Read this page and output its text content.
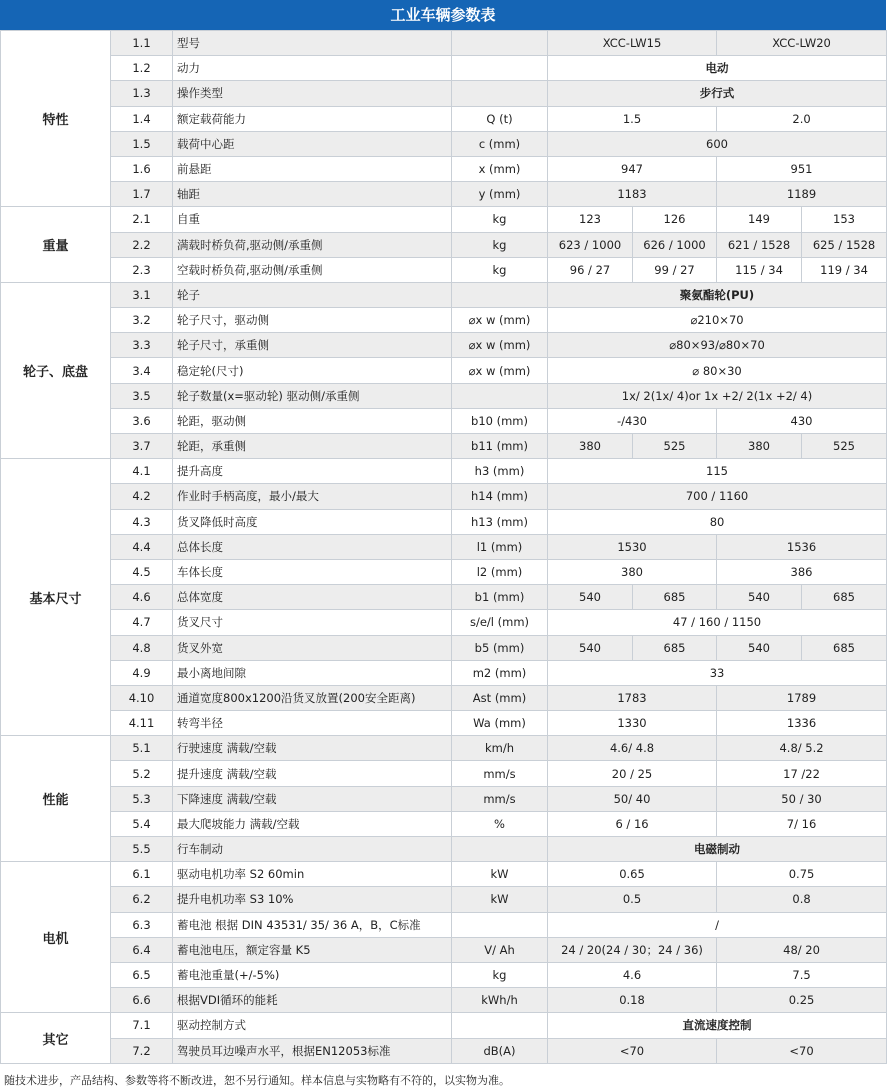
工业车辆参数表
特性	1.1	型号		XCC-LW15		XCC-LW20	
	1.2	动力		电动			
	1.3	操作类型		步行式			
	1.4	额定载荷能力	Q (t)	1.5		2.0	
	1.5	载荷中心距	c (mm)	600			
	1.6	前悬距	x (mm)	947		951	
	1.7	轴距	y (mm)	1183		1189	
重量	2.1	自重	kg	123	126	149	153
	2.2	满载时桥负荷,驱动侧/承重侧	kg	623 / 1000	626 / 1000	621 / 1528	625 / 1528
	2.3	空载时桥负荷,驱动侧/承重侧	kg	96 / 27	99 / 27	115 / 34	119 / 34
轮子、底盘	3.1	轮子		聚氨酯轮(PU)			
	3.2	轮子尺寸，驱动侧	⌀x w (mm)	⌀210×70			
	3.3	轮子尺寸，承重侧	⌀x w (mm)	⌀80×93/⌀80×70			
	3.4	稳定轮(尺寸)	⌀x w (mm)	⌀ 80×30			
	3.5	轮子数量(x=驱动轮) 驱动侧/承重侧		1x/ 2(1x/ 4)or 1x +2/ 2(1x +2/ 4)			
	3.6	轮距，驱动侧	b10 (mm)	-/430		430	
	3.7	轮距，承重侧	b11 (mm)	380	525	380	525
基本尺寸	4.1	提升高度	h3 (mm)	115			
	4.2	作业时手柄高度，最小/最大	h14 (mm)	700 / 1160			
	4.3	货叉降低时高度	h13 (mm)	80			
	4.4	总体长度	l1 (mm)	1530		1536	
	4.5	车体长度	l2 (mm)	380		386	
	4.6	总体宽度	b1 (mm)	540	685	540	685
	4.7	货叉尺寸	s/e/l (mm)	47 / 160 / 1150			
	4.8	货叉外宽	b5 (mm)	540	685	540	685
	4.9	最小离地间隙	m2 (mm)	33			
	4.10	通道宽度800x1200沿货叉放置(200安全距离)	Ast (mm)	1783		1789	
	4.11	转弯半径	Wa (mm)	1330		1336	
性能	5.1	行驶速度 满载/空载	km/h	4.6/ 4.8		4.8/ 5.2	
	5.2	提升速度 满载/空载	mm/s	20 / 25		17 /22	
	5.3	下降速度 满载/空载	mm/s	50/ 40		50 / 30	
	5.4	最大爬坡能力 满载/空载	%	6 / 16		7/ 16	
	5.5	行车制动		电磁制动			
电机	6.1	驱动电机功率 S2 60min	kW	0.65		0.75	
	6.2	提升电机功率 S3 10%	kW	0.5		0.8	
	6.3	蓄电池 根据 DIN 43531/ 35/ 36 A，B，C标准		/			
	6.4	蓄电池电压，额定容量 K5	V/ Ah	24 / 20(24 / 30；24 / 36)		48/ 20	
	6.5	蓄电池重量(+/-5%)	kg	4.6		7.5	
	6.6	根据VDI循环的能耗	kWh/h	0.18		0.25	
其它	7.1	驱动控制方式		直流速度控制			
	7.2	驾驶员耳边噪声水平，根据EN12053标准	dB(A)	<70		<70	
随技术进步，产品结构、参数等将不断改进，恕不另行通知。样本信息与实物略有不符的，以实物为准。
